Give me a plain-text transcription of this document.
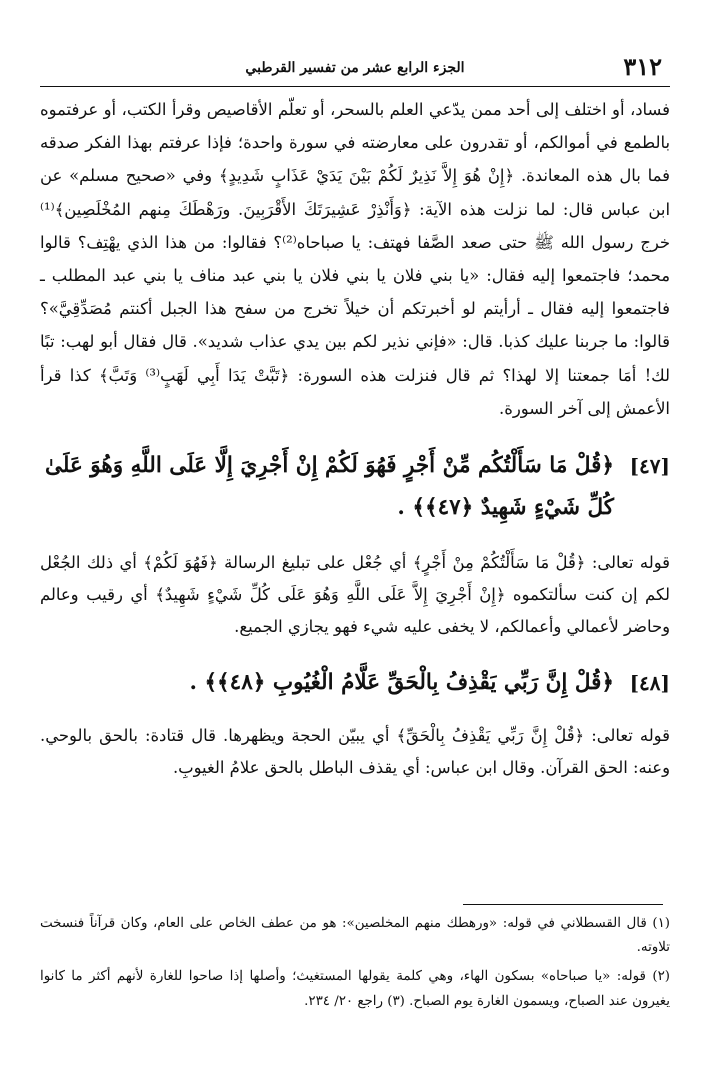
٣١٢
الجزء الرابع عشر من تفسير القرطبي

فساد، أو اختلف إلى أحد ممن يدّعي العلم بالسحر، أو تعلّم الأقاصيص وقرأ الكتب، أو عرفتموه بالطمع في أموالكم، أو تقدرون على معارضته في سورة واحدة؛ فإذا عرفتم بهذا الفكر صدقه فما بال هذه المعاندة. ﴿إِنْ هُوَ إِلاَّ نَذِيرٌ لَكُمْ بَيْنَ يَدَيْ عَذَابٍ شَدِيدٍ﴾ وفي «صحيح مسلم» عن ابن عباس قال: لما نزلت هذه الآية: ﴿وَأَنْذِرْ عَشِيرَتَكَ الأَقْرَبِينَ. ورَهْطَكَ مِنهم المُخْلَصِين﴾⁽¹⁾ خرج رسول الله ﷺ حتى صعد الصَّفا فهتف: يا صباحاه⁽²⁾؟ فقالوا: من هذا الذي يهْتِف؟ قالوا محمد؛ فاجتمعوا إليه فقال: «يا بني فلان يا بني فلان يا بني عبد مناف يا بني عبد المطلب ـ فاجتمعوا إليه فقال ـ أرأيتم لو أخبرتكم أن خيلاً تخرج من سفح هذا الجبل أكنتم مُصَدِّقِيَّ»؟ قالوا: ما جربنا عليك كذبا. قال: «فإني نذير لكم بين يدي عذاب شديد». قال فقال أبو لهب: تبًا لك! أمَا جمعتنا إلا لهذا؟ ثم قال فنزلت هذه السورة: ﴿تَبَّتْ يَدَا أَبِي لَهَبٍ⁽³⁾ وَتَبَّ﴾ كذا قرأ الأعمش إلى آخر السورة.

[٤٧]
﴿قُلْ مَا سَأَلْتُكُم مِّنْ أَجْرٍ فَهُوَ لَكُمْ إِنْ أَجْرِيَ إِلَّا عَلَى اللَّهِ وَهُوَ عَلَىٰ كُلِّ شَيْءٍ شَهِيدٌ ﴿٤٧﴾﴾ .

قوله تعالى: ﴿قُلْ مَا سَأَلْتُكُمْ مِنْ أَجْرٍ﴾ أي جُعْل على تبليغ الرسالة ﴿فَهُوَ لَكُمْ﴾ أي ذلك الجُعْل لكم إن كنت سألتكموه ﴿إِنْ أَجْرِيَ إِلاَّ عَلَى اللَّهِ وَهُوَ عَلَى كُلِّ شَيْءٍ شَهِيدٌ﴾ أي رقيب وعالم وحاضر لأعمالي وأعمالكم، لا يخفى عليه شيء فهو يجازي الجميع.

[٤٨]
﴿قُلْ إِنَّ رَبِّي يَقْذِفُ بِالْحَقِّ عَلَّامُ الْغُيُوبِ ﴿٤٨﴾﴾ .

قوله تعالى: ﴿قُلْ إِنَّ رَبِّي يَقْذِفُ بِالْحَقِّ﴾ أي يبيّن الحجة ويظهرها. قال قتادة: بالحق بالوحي. وعنه: الحق القرآن. وقال ابن عباس: أي يقذف الباطل بالحق علامُ الغيوبِ.

(١) قال القسطلاني في قوله: «ورهطك منهم المخلصين»: هو من عطف الخاص على العام، وكان قرآناً فنسخت تلاوته.

(٢) قوله: «يا صباحاه» بسكون الهاء، وهي كلمة يقولها المستغيث؛ وأصلها إذا صاحوا للغارة لأنهم أكثر ما كانوا يغيرون عند الصباح، ويسمون الغارة يوم الصباح. (٣) راجع ٢٠/ ٢٣٤.
